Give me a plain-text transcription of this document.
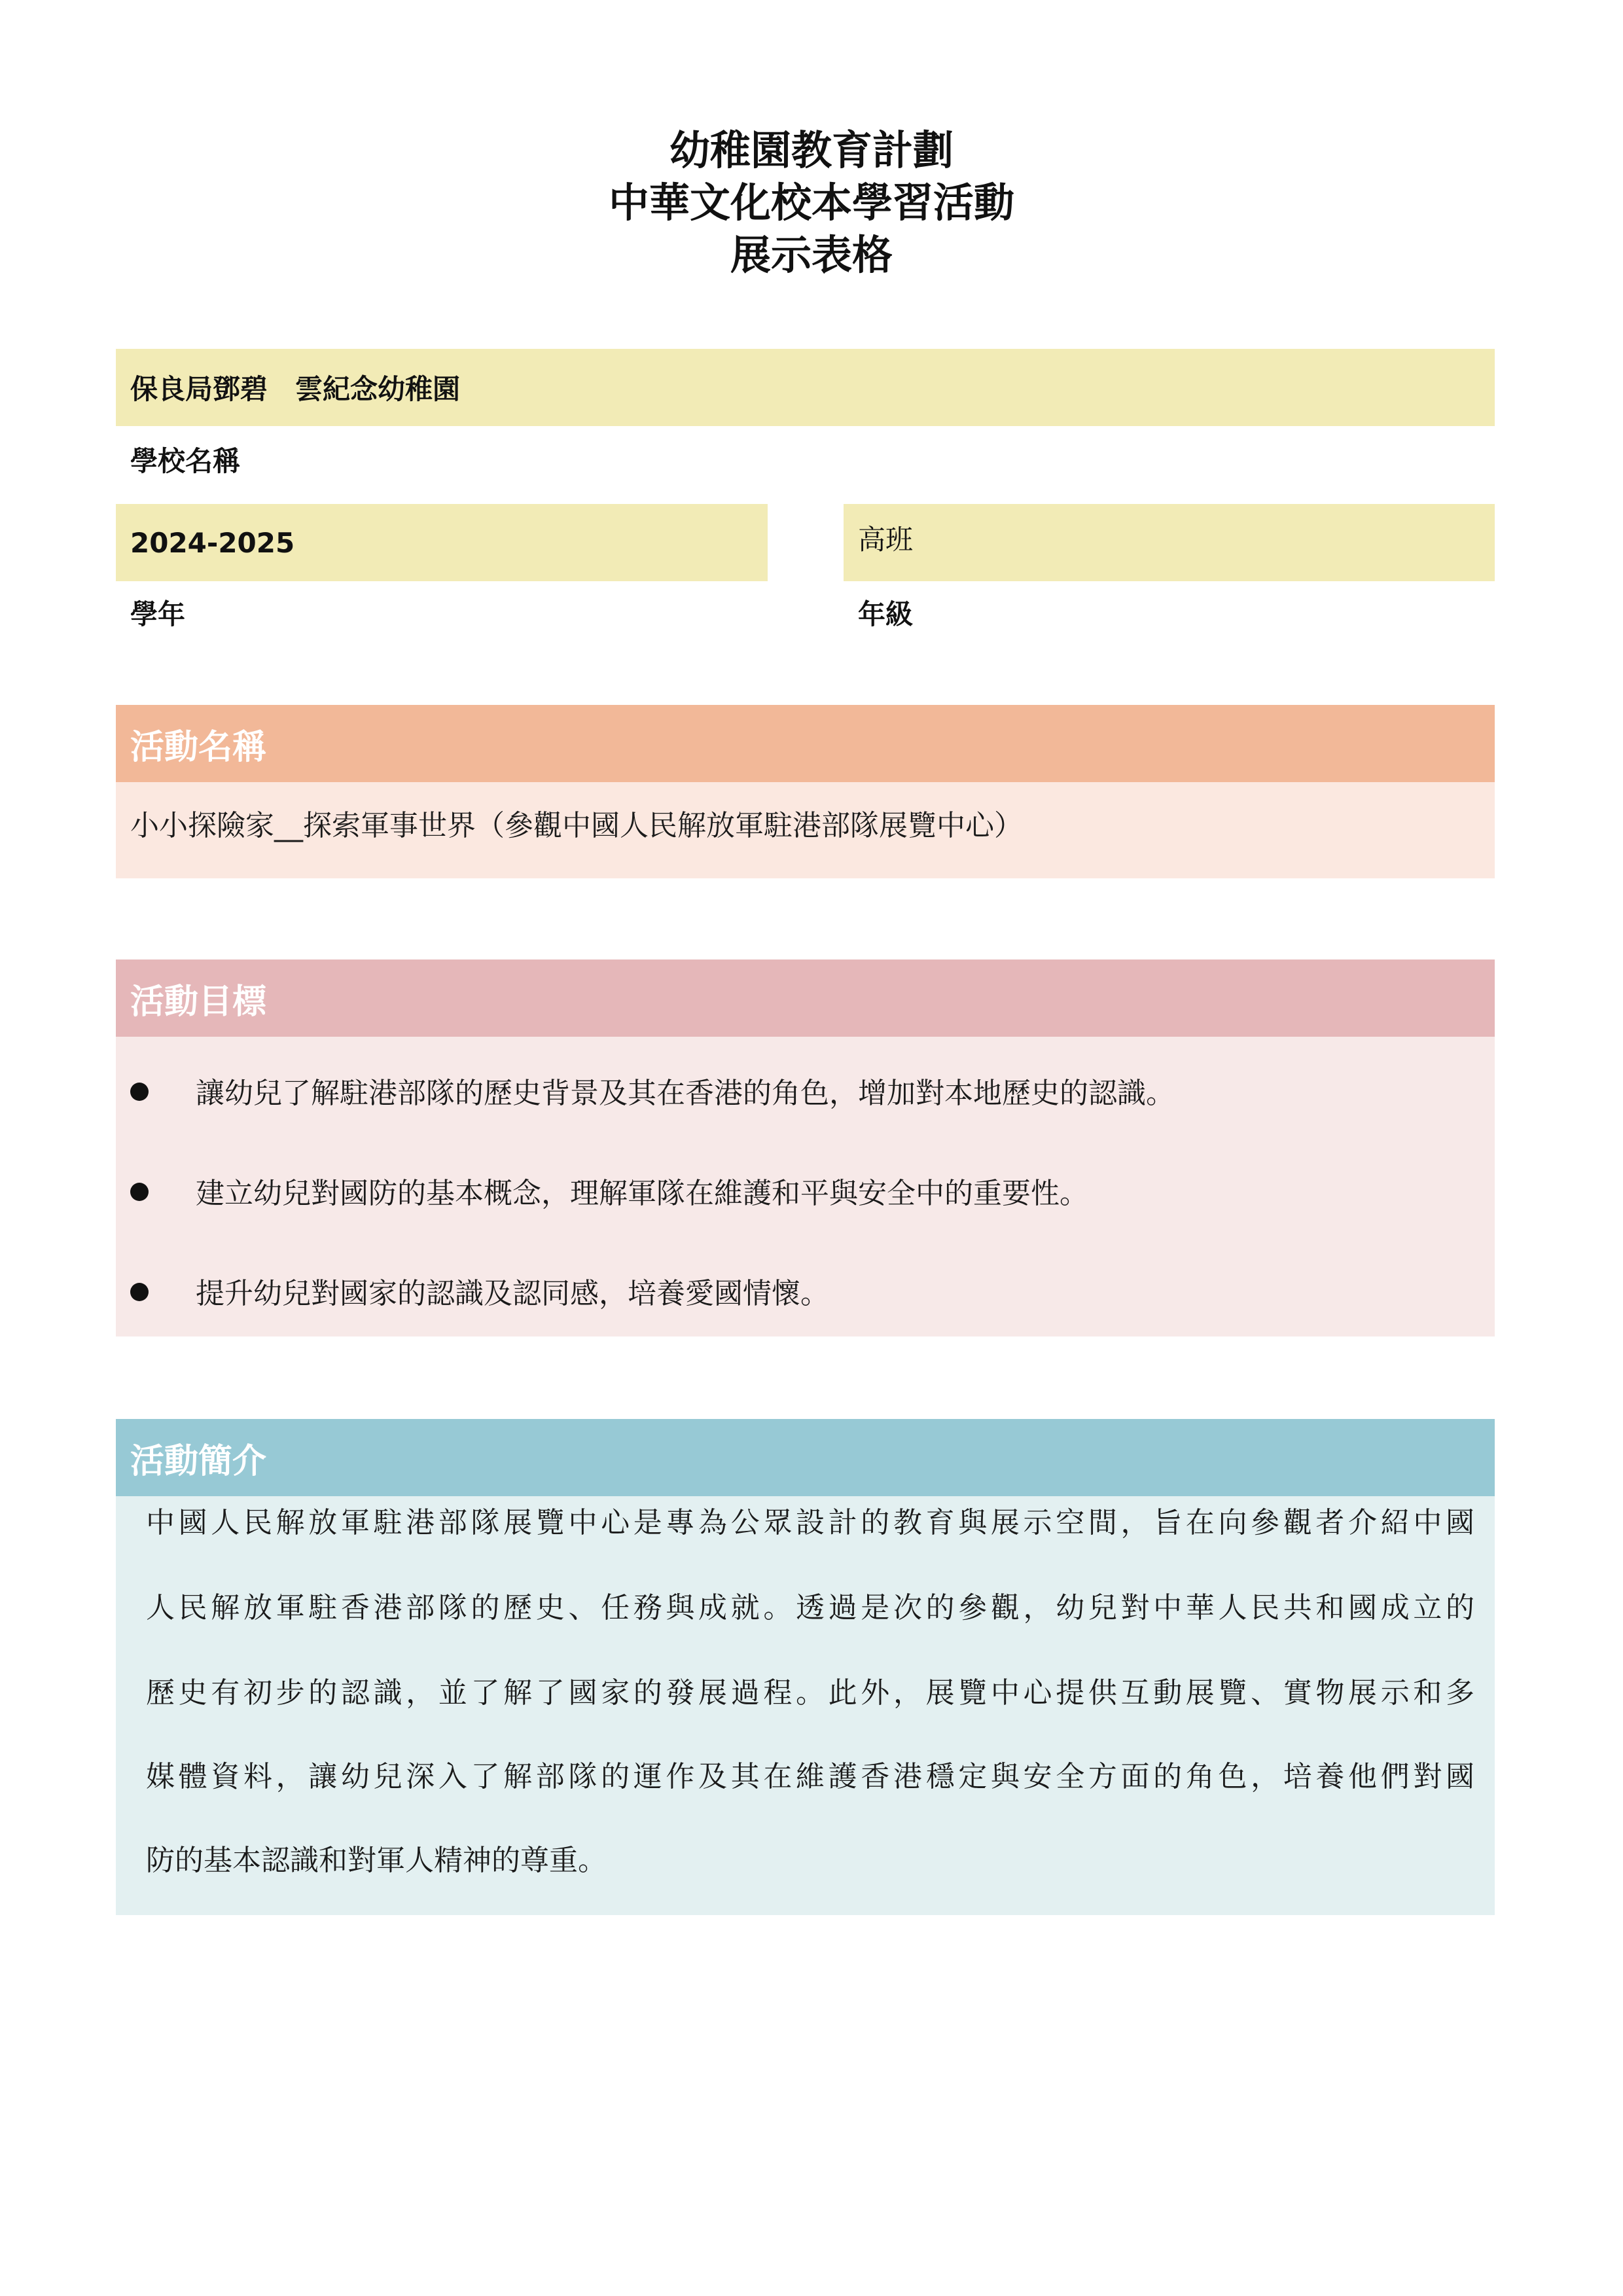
幼稚園教育計劃
中華文化校本學習活動
展示表格
保良局鄧碧　雲紀念幼稚園
學校名稱
2024-2025
學年
高班
年級
活動名稱
小小探險家__探索軍事世界（參觀中國人民解放軍駐港部隊展覽中心）
活動目標
讓幼兒了解駐港部隊的歷史背景及其在香港的角色，增加對本地歷史的認識。
建立幼兒對國防的基本概念，理解軍隊在維護和平與安全中的重要性。
提升幼兒對國家的認識及認同感，培養愛國情懷。
活動簡介
中國人民解放軍駐港部隊展覽中心是專為公眾設計的教育與展示空間，旨在向參觀者介紹中國
人民解放軍駐香港部隊的歷史、任務與成就。透過是次的參觀，幼兒對中華人民共和國成立的
歷史有初步的認識，並了解了國家的發展過程。此外，展覽中心提供互動展覽、實物展示和多
媒體資料，讓幼兒深入了解部隊的運作及其在維護香港穩定與安全方面的角色，培養他們對國
防的基本認識和對軍人精神的尊重。
